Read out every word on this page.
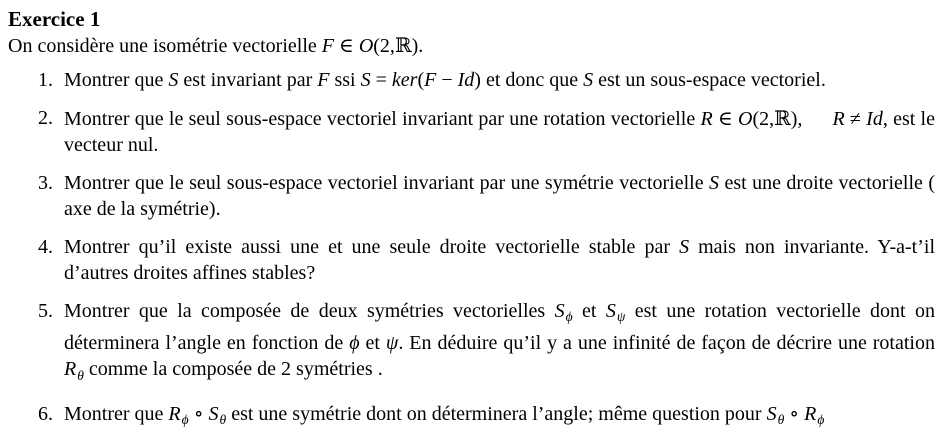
Exercice 1
On considère une isométrie vectorielle F ∈ O(2,ℝ).
1. Montrer que S est invariant par F ssi S = ker(F − Id) et donc que S est un sous-espace vectoriel.
2. Montrer que le seul sous-espace vectoriel invariant par une rotation vectorielle R ∈ O(2,ℝ),  R ≠ Id, est le vecteur nul.
3. Montrer que le seul sous-espace vectoriel invariant par une symétrie vectorielle S est une droite vectorielle ( axe de la symétrie).
4. Montrer qu’il existe aussi une et une seule droite vectorielle stable par S mais non invariante. Y-a-t’il d’autres droites affines stables?
5. Montrer que la composée de deux symétries vectorielles $S_\phi$ et $S_\psi$ est une rotation vectorielle dont on déterminera l’angle en fonction de ϕ et ψ. En déduire qu’il y a une infinité de façon de décrire une rotation $R_\theta$ comme la composée de 2 symétries .
6. Montrer que $R_\phi$ ∘ $S_\theta$ est une symétrie dont on déterminera l’angle; même question pour $S_\theta$ ∘ $R_\phi$
